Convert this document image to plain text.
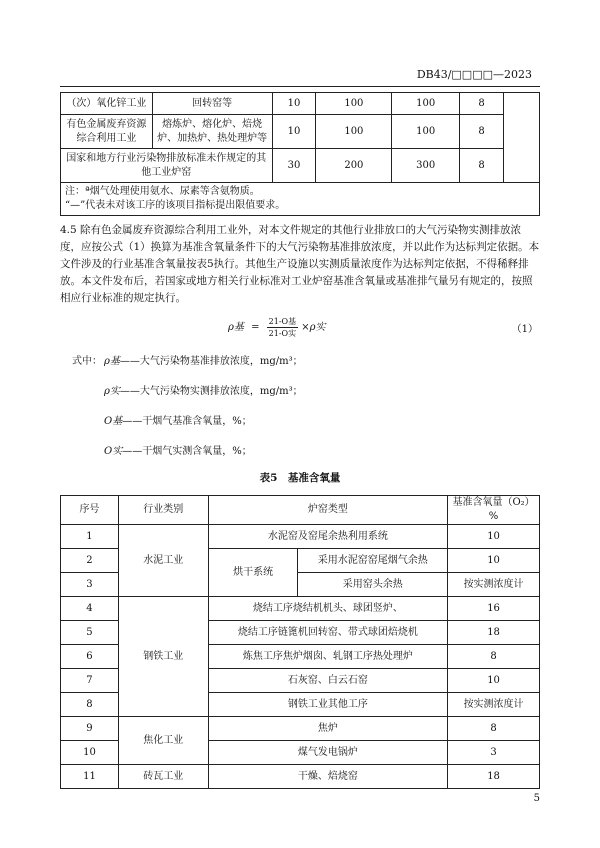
DB43/□□□□—2023
（次）氧化锌工业	回转窑等	10	100	100	8	
有色金属废弃资源综合利用工业	熔炼炉、熔化炉、焙烧炉、加热炉、热处理炉等	10	100	100	8	
国家和地方行业污染物排放标准未作规定的其他工业炉窑		30	200	300	8	

注：ª烟气处理使用氨水、尿素等含氨物质。
“—”代表未对该工序的该项目指标提出限值要求。						
4.5 除有色金属废弃资源综合利用工业外，对本文件规定的其他行业排放口的大气污染物实测排放浓度，应按公式（1）换算为基准含氧量条件下的大气污染物基准排放浓度，并以此作为达标判定依据。本文件涉及的行业基准含氧量按表5执行。其他生产设施以实测质量浓度作为达标判定依据，不得稀释排放。本文件发布后，若国家或地方相关行业标准对工业炉窑基准含氧量或基准排气量另有规定的，按照相应行业标准的规定执行。
ρ基 =
21-O基
21-O实
×ρ实	（1）
式中： ρ基——大气污染物基准排放浓度，mg/m³；
ρ实——大气污染物实测排放浓度，mg/m³；
O基——干烟气基准含氧量，%；
O实——干烟气实测含氧量，%；
表5　基准含氧量
序号	行业类别	炉窑类型		基准含氧量（O₂）%
1	水泥工业	水泥窑及窑尾余热利用系统		10
2		烘干系统	采用水泥窑窑尾烟气余热	10
3			采用窑头余热	按实测浓度计
4	钢铁工业	烧结工序烧结机机头、球团竖炉、		16
5		烧结工序链篦机回转窑、带式球团焙烧机		18
6		炼焦工序焦炉烟囱、轧钢工序热处理炉		8
7		石灰窑、白云石窑		10
8		钢铁工业其他工序		按实测浓度计
9	焦化工业	焦炉		8
10		煤气发电锅炉		3
11	砖瓦工业	干燥、焙烧窑		18
5
